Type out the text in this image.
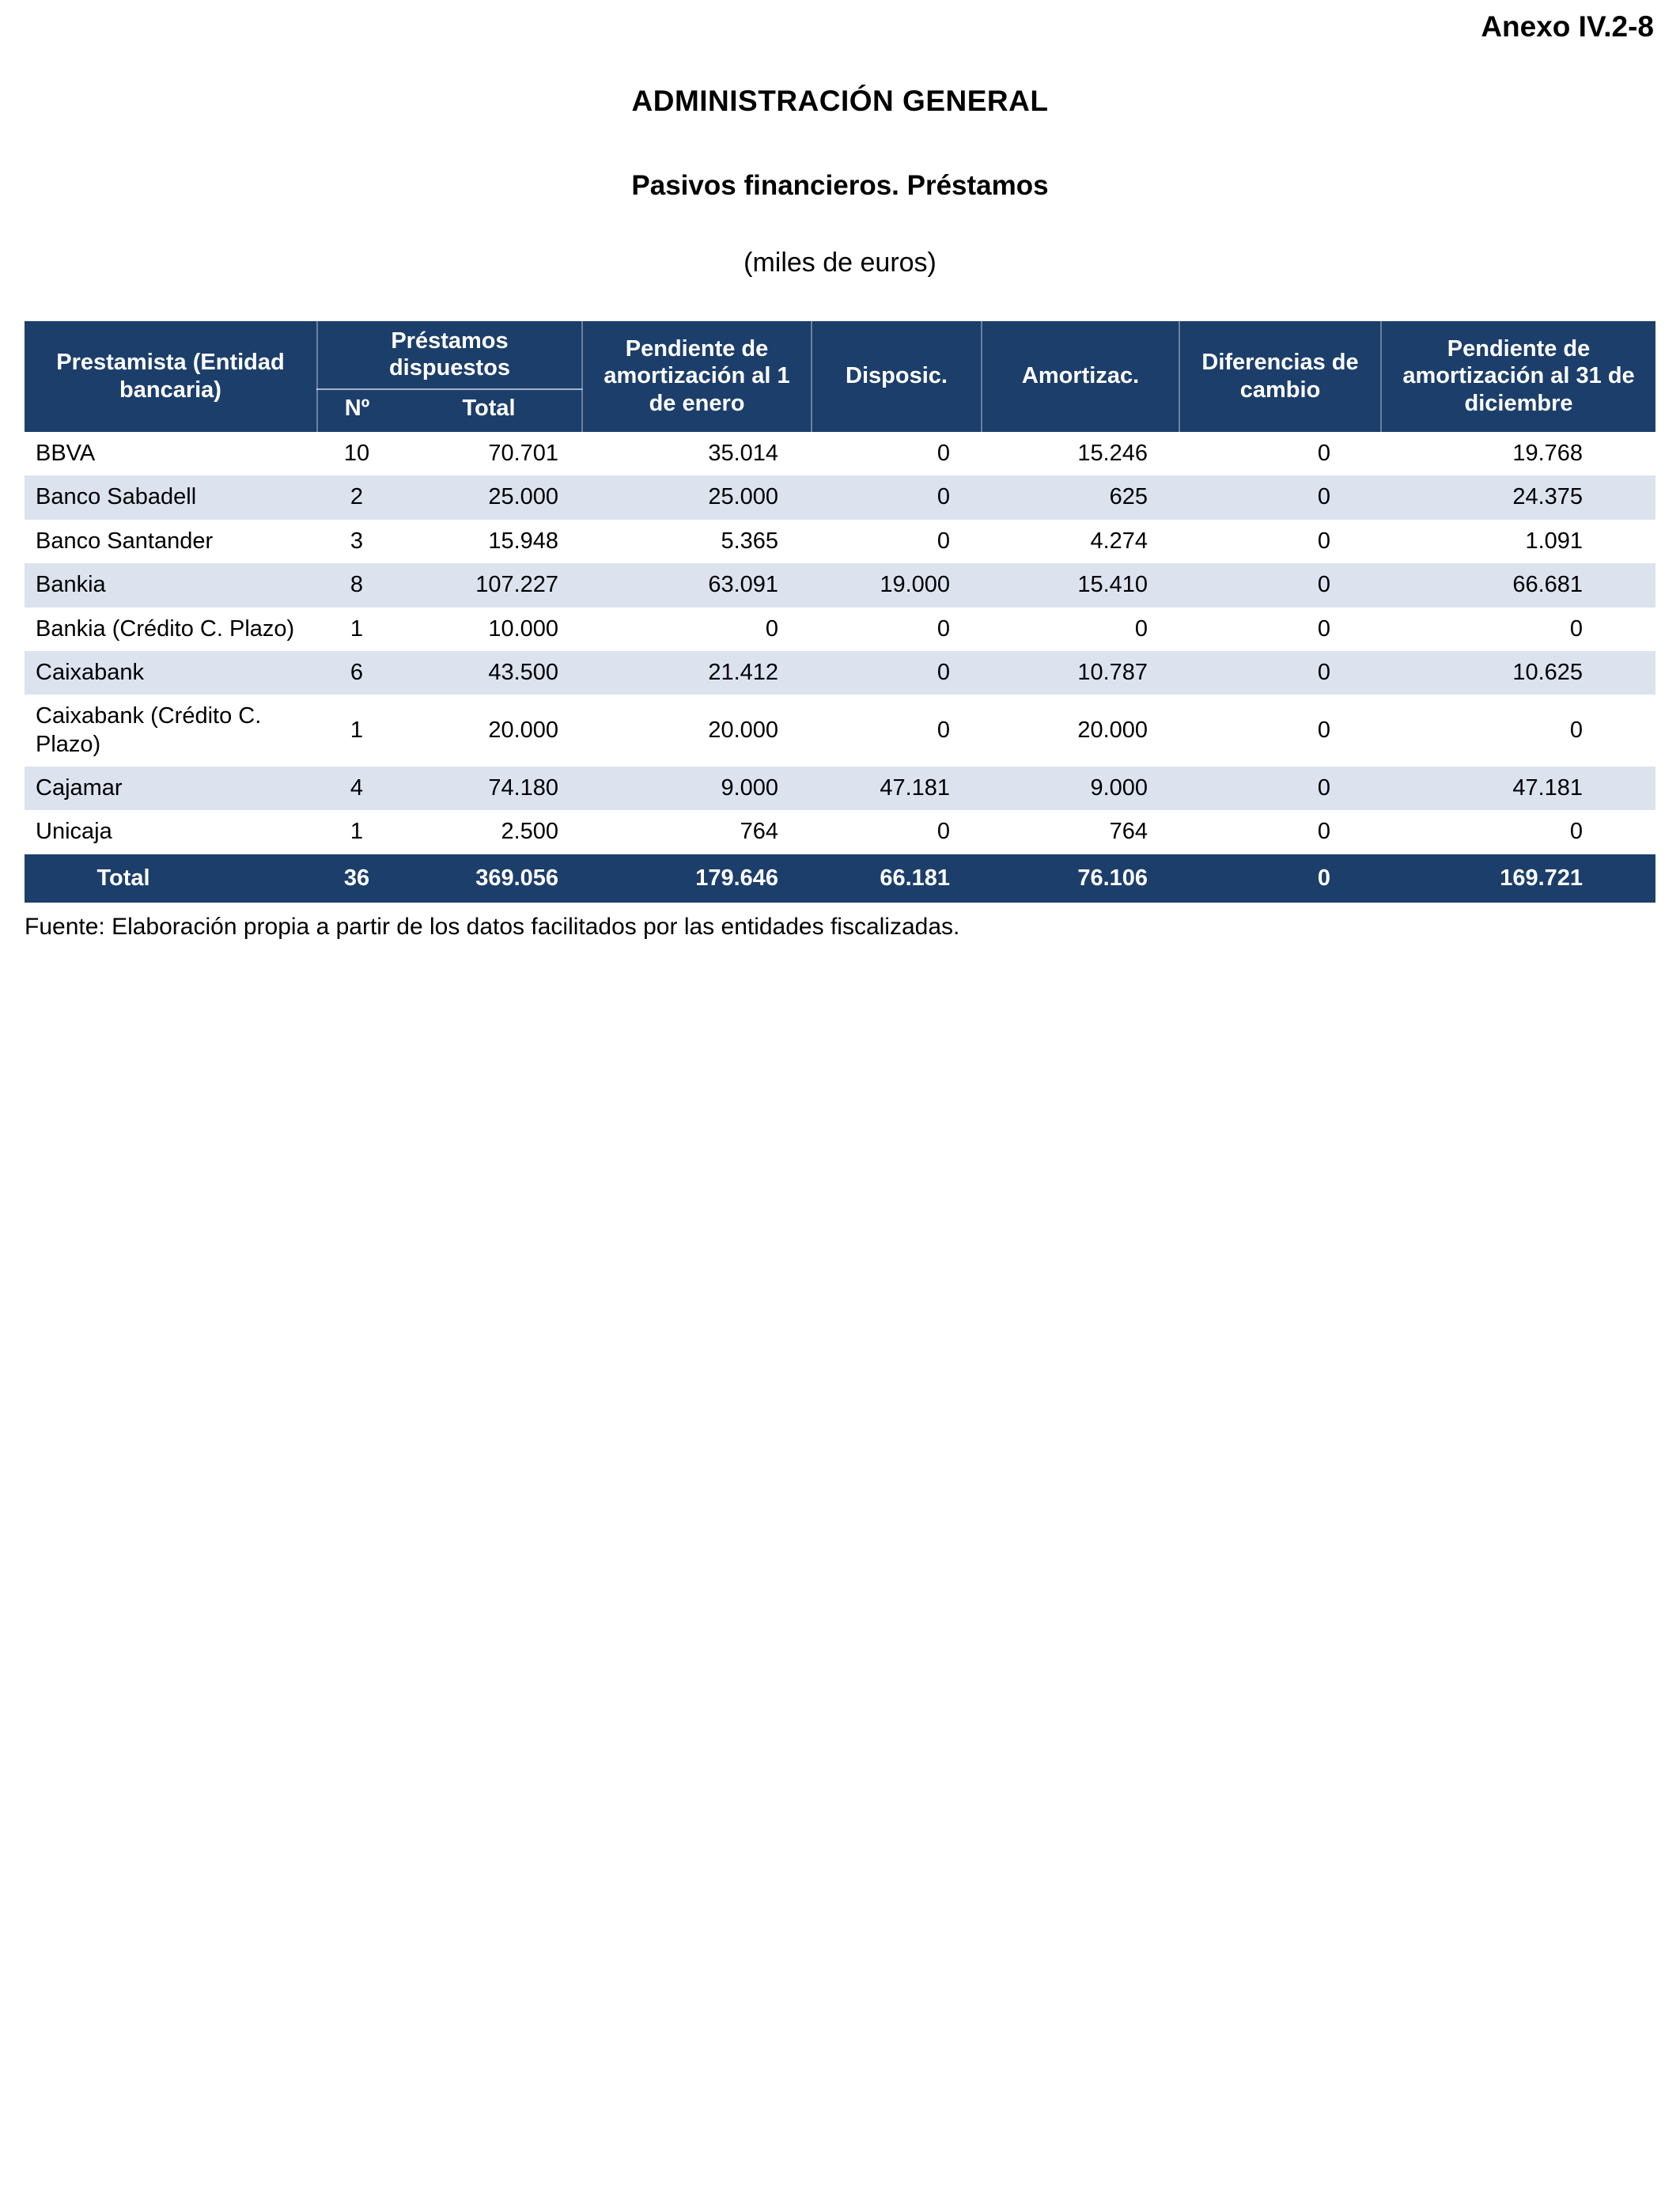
Anexo IV.2-8
ADMINISTRACIÓN GENERAL
Pasivos financieros. Préstamos
(miles de euros)
Prestamista (Entidad bancaria)	Préstamos dispuestos		Pendiente de amortización al 1 de enero	Disposic.	Amortizac.	Diferencias de cambio	Pendiente de amortización al 31 de diciembre
	Nº	Total					
BBVA	10	70.701	35.014	0	15.246	0	19.768
Banco Sabadell	2	25.000	25.000	0	625	0	24.375
Banco Santander	3	15.948	5.365	0	4.274	0	1.091
Bankia	8	107.227	63.091	19.000	15.410	0	66.681
Bankia (Crédito C. Plazo)	1	10.000	0	0	0	0	0
Caixabank	6	43.500	21.412	0	10.787	0	10.625
Caixabank (Crédito C. Plazo)	1	20.000	20.000	0	20.000	0	0
Cajamar	4	74.180	9.000	47.181	9.000	0	47.181
Unicaja	1	2.500	764	0	764	0	0
Total	36	369.056	179.646	66.181	76.106	0	169.721
Fuente: Elaboración propia a partir de los datos facilitados por las entidades fiscalizadas.
